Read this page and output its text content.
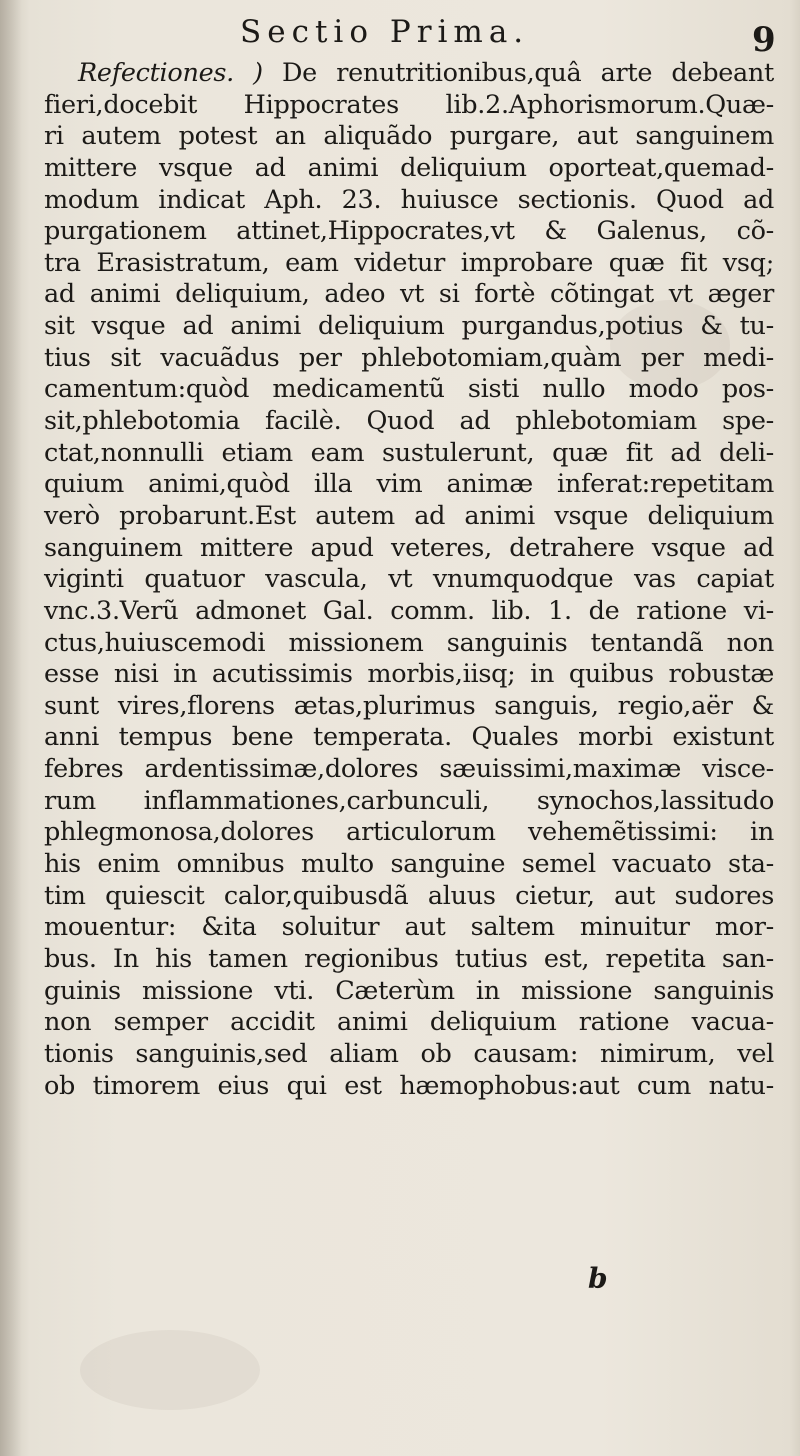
Sectio Prima.	9
Refectiones. ) De renutritionibus,quâ arte debeant
fieri,docebit Hippocrates lib.2.Aphorismorum.Quæ-
ri autem potest an aliquãdo purgare, aut sanguinem
mittere vsque ad animi deliquium oporteat,quemad-
modum indicat Aph. 23. huiusce sectionis. Quod ad
purgationem attinet,Hippocrates,vt & Galenus, cõ-
tra Erasistratum, eam videtur improbare quæ fit vsq;
ad animi deliquium, adeo vt si fortè cõtingat vt æger
sit vsque ad animi deliquium purgandus,potius & tu-
tius sit vacuãdus per phlebotomiam,quàm per medi-
camentum:quòd medicamentũ sisti nullo modo pos-
sit,phlebotomia facilè. Quod ad phlebotomiam spe-
ctat,nonnulli etiam eam sustulerunt, quæ fit ad deli-
quium animi,quòd illa vim animæ inferat:repetitam
verò probarunt.Est autem ad animi vsque deliquium
sanguinem mittere apud veteres, detrahere vsque ad
viginti quatuor vascula, vt vnumquodque vas capiat
vnc.3.Verũ admonet Gal. comm. lib. 1. de ratione vi-
ctus,huiuscemodi missionem sanguinis tentandã non
esse nisi in acutissimis morbis,iisq; in quibus robustæ
sunt vires,florens ætas,plurimus sanguis, regio,aër &
anni tempus bene temperata. Quales morbi existunt
febres ardentissimæ,dolores sæuissimi,maximæ visce-
rum inflammationes,carbunculi, synochos,lassitudo
phlegmonosa,dolores articulorum vehemẽtissimi: in
his enim omnibus multo sanguine semel vacuato sta-
tim quiescit calor,quibusdã aluus cietur, aut sudores
mouentur: &ita soluitur aut saltem minuitur mor-
bus. In his tamen regionibus tutius est, repetita san-
guinis missione vti. Cæterùm in missione sanguinis
non semper accidit animi deliquium ratione vacua-
tionis sanguinis,sed aliam ob causam: nimirum, vel
ob timorem eius qui est hæmophobus:aut cum natu-
b
